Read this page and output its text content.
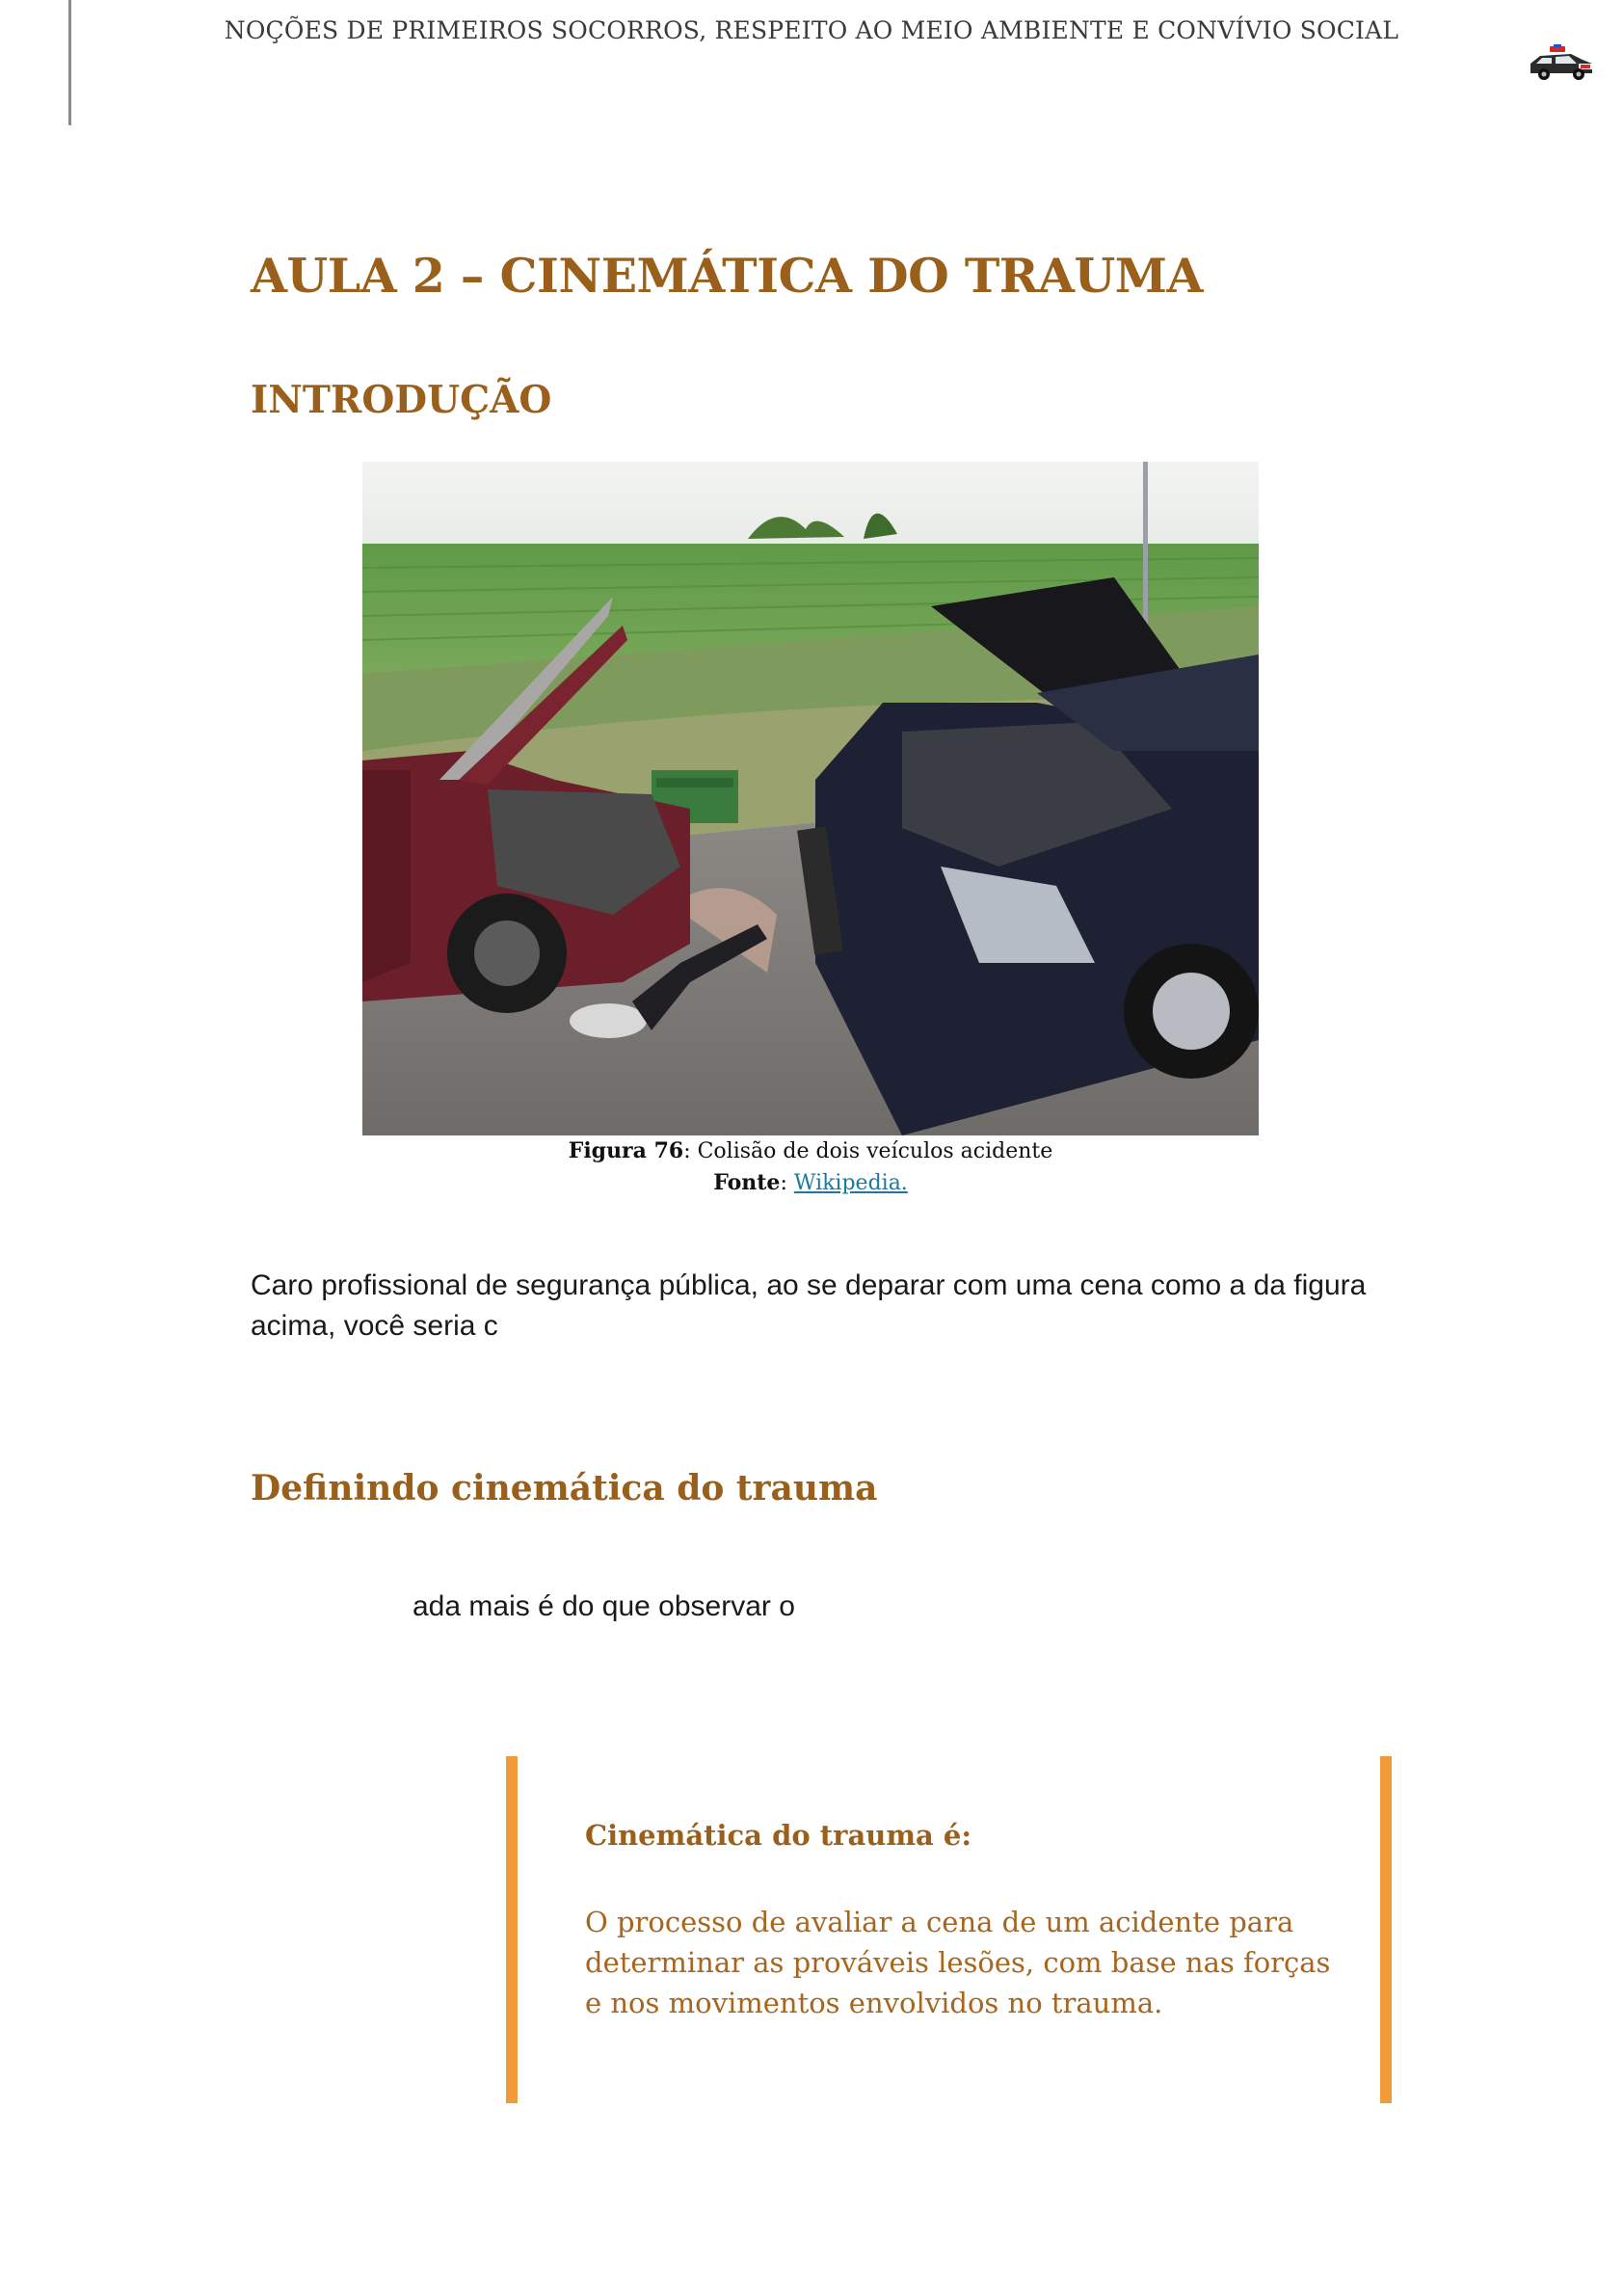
NOÇÕES DE PRIMEIROS SOCORROS, RESPEITO AO MEIO AMBIENTE E CONVÍVIO SOCIAL
AULA 2 – CINEMÁTICA DO TRAUMA
INTRODUÇÃO
Figura 76: Colisão de dois veículos acidente
Fonte: Wikipedia.
Caro profissional de segurança pública, ao se deparar com uma cena como a da figura acima, você seria c
Definindo cinemática do trauma
ada mais é do que observar o
Cinemática do trauma é:
O processo de avaliar a cena de um acidente para determinar as prováveis lesões, com base nas forças e nos movimentos envolvidos no trauma.
